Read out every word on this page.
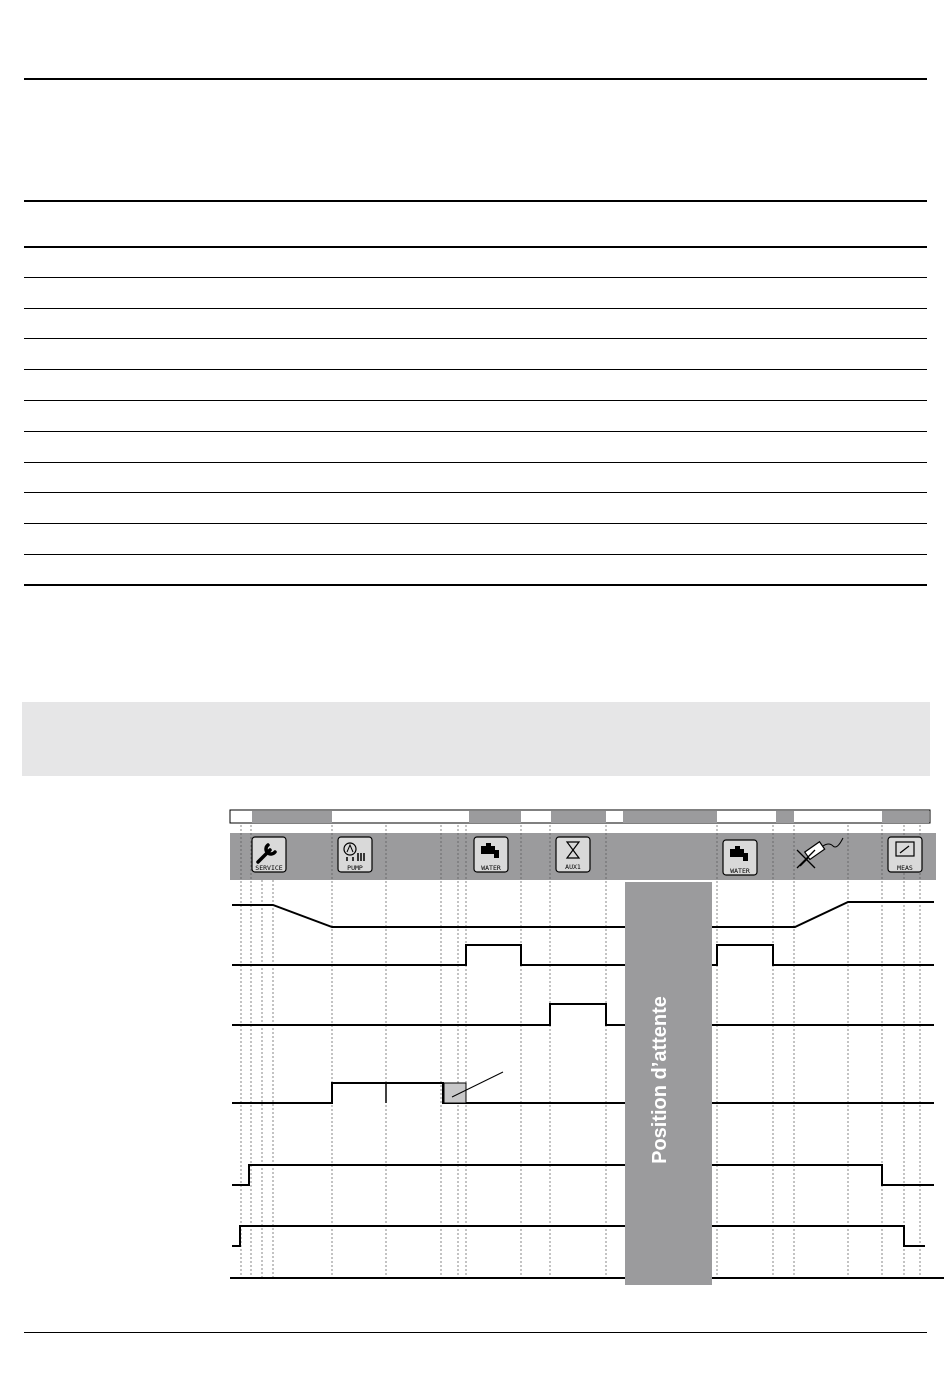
Position d’attente
SERVICE	PUMP	WATER	AUX1	WATER	MEAS
